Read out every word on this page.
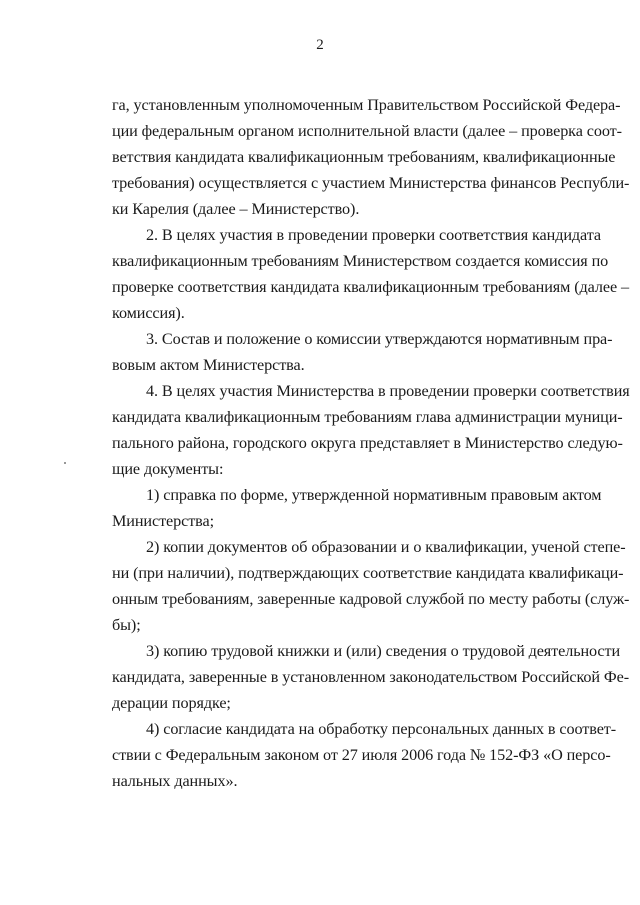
2
га, установленным уполномоченным Правительством Российской Федера-
ции федеральным органом исполнительной власти (далее – проверка соот-
ветствия кандидата квалификационным требованиям, квалификационные
требования) осуществляется с участием Министерства финансов Республи-
ки Карелия (далее – Министерство).
2. В целях участия в проведении проверки соответствия кандидата
квалификационным требованиям Министерством создается комиссия по
проверке соответствия кандидата квалификационным требованиям (далее –
комиссия).
3. Состав и положение о комиссии утверждаются нормативным пра-
вовым актом Министерства.
4. В целях участия Министерства в проведении проверки соответствия
кандидата квалификационным требованиям глава администрации муници-
пального района, городского округа представляет в Министерство следую-
щие документы:
1) справка по форме, утвержденной нормативным правовым актом
Министерства;
2) копии документов об образовании и о квалификации, ученой степе-
ни (при наличии), подтверждающих соответствие кандидата квалификаци-
онным требованиям, заверенные кадровой службой по месту работы (служ-
бы);
3) копию трудовой книжки и (или) сведения о трудовой деятельности
кандидата, заверенные в установленном законодательством Российской Фе-
дерации порядке;
4) согласие кандидата на обработку персональных данных в соответ-
ствии с Федеральным законом от 27 июля 2006 года № 152-ФЗ «О персо-
нальных данных».
